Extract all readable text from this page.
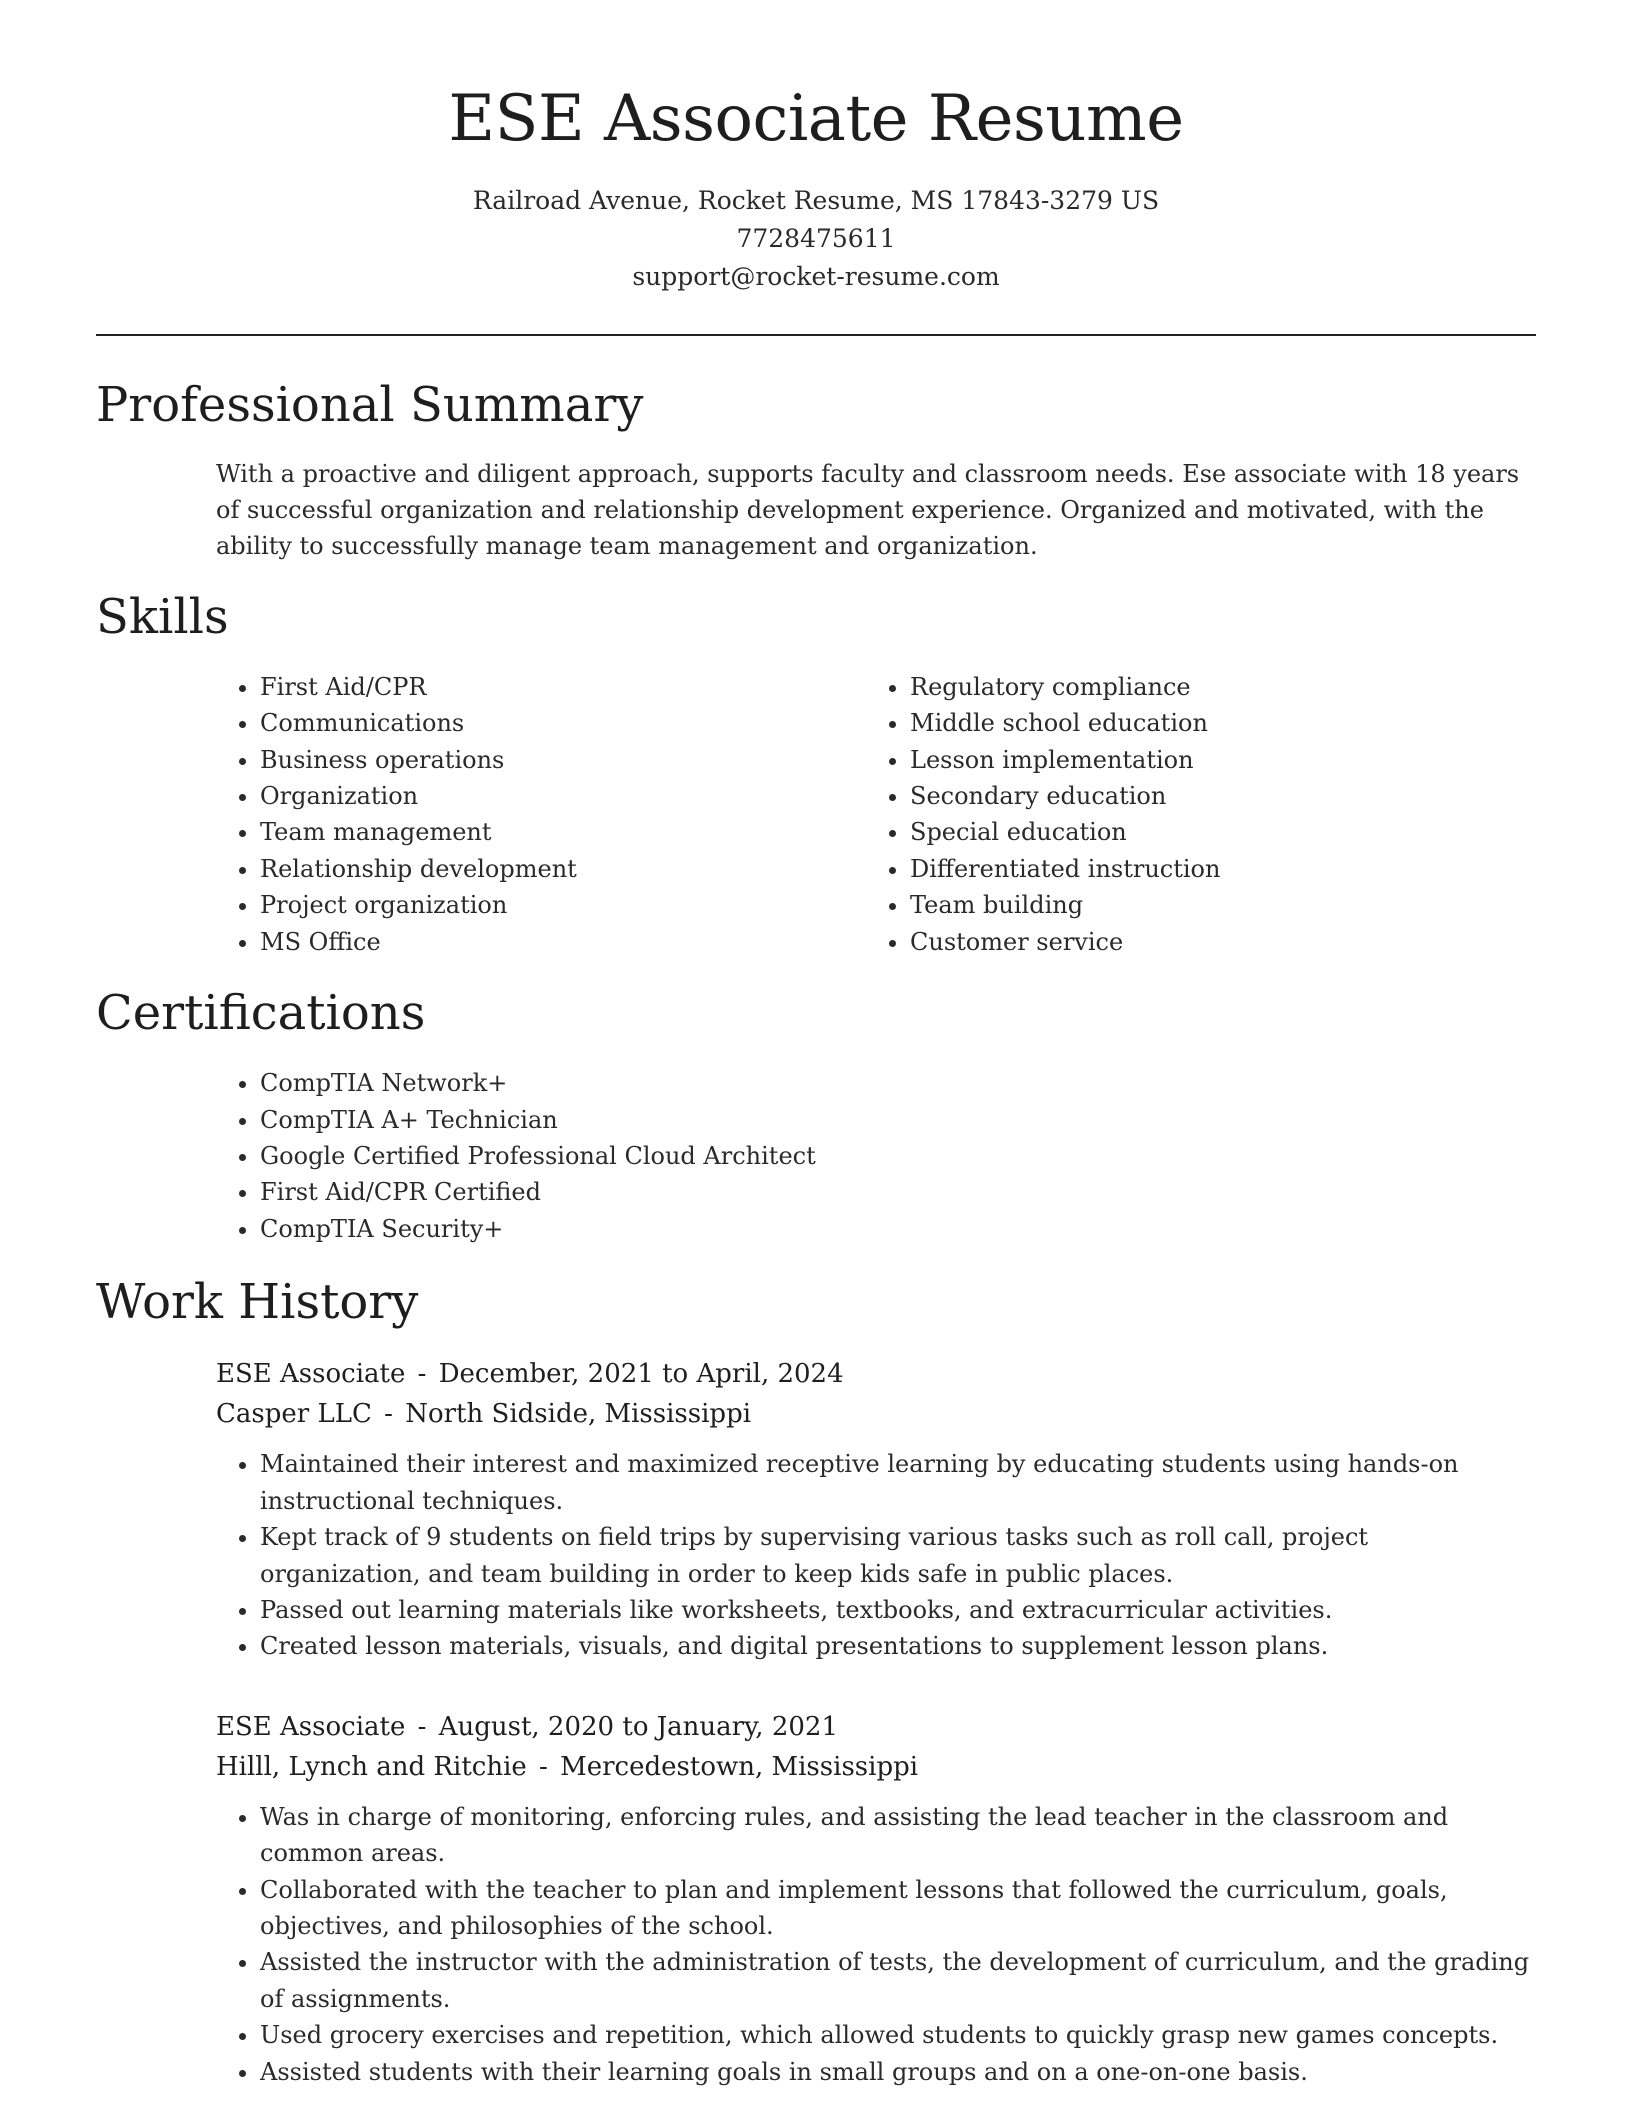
ESE Associate Resume
Railroad Avenue, Rocket Resume, MS 17843-3279 US
7728475611
support@rocket-resume.com
Professional Summary

With a proactive and diligent approach, supports faculty and classroom needs. Ese associate with 18 years of successful organization and relationship development experience. Organized and motivated, with the ability to successfully manage team management and organization.

Skills
• First Aid/CPR
• Communications
• Business operations
• Organization
• Team management
• Relationship development
• Project organization
• MS Office
• Regulatory compliance
• Middle school education
• Lesson implementation
• Secondary education
• Special education
• Differentiated instruction
• Team building
• Customer service
Certifications
• CompTIA Network+
• CompTIA A+ Technician
• Google Certified Professional Cloud Architect
• First Aid/CPR Certified
• CompTIA Security+
Work History
ESE Associate - December, 2021 to April, 2024
Casper LLC - North Sidside, Mississippi
• Maintained their interest and maximized receptive learning by educating students using hands-on instructional techniques.
• Kept track of 9 students on field trips by supervising various tasks such as roll call, project organization, and team building in order to keep kids safe in public places.
• Passed out learning materials like worksheets, textbooks, and extracurricular activities.
• Created lesson materials, visuals, and digital presentations to supplement lesson plans.
ESE Associate - August, 2020 to January, 2021
Hilll, Lynch and Ritchie - Mercedestown, Mississippi
• Was in charge of monitoring, enforcing rules, and assisting the lead teacher in the classroom and common areas.
• Collaborated with the teacher to plan and implement lessons that followed the curriculum, goals, objectives, and philosophies of the school.
• Assisted the instructor with the administration of tests, the development of curriculum, and the grading of assignments.
• Used grocery exercises and repetition, which allowed students to quickly grasp new games concepts.
• Assisted students with their learning goals in small groups and on a one-on-one basis.
